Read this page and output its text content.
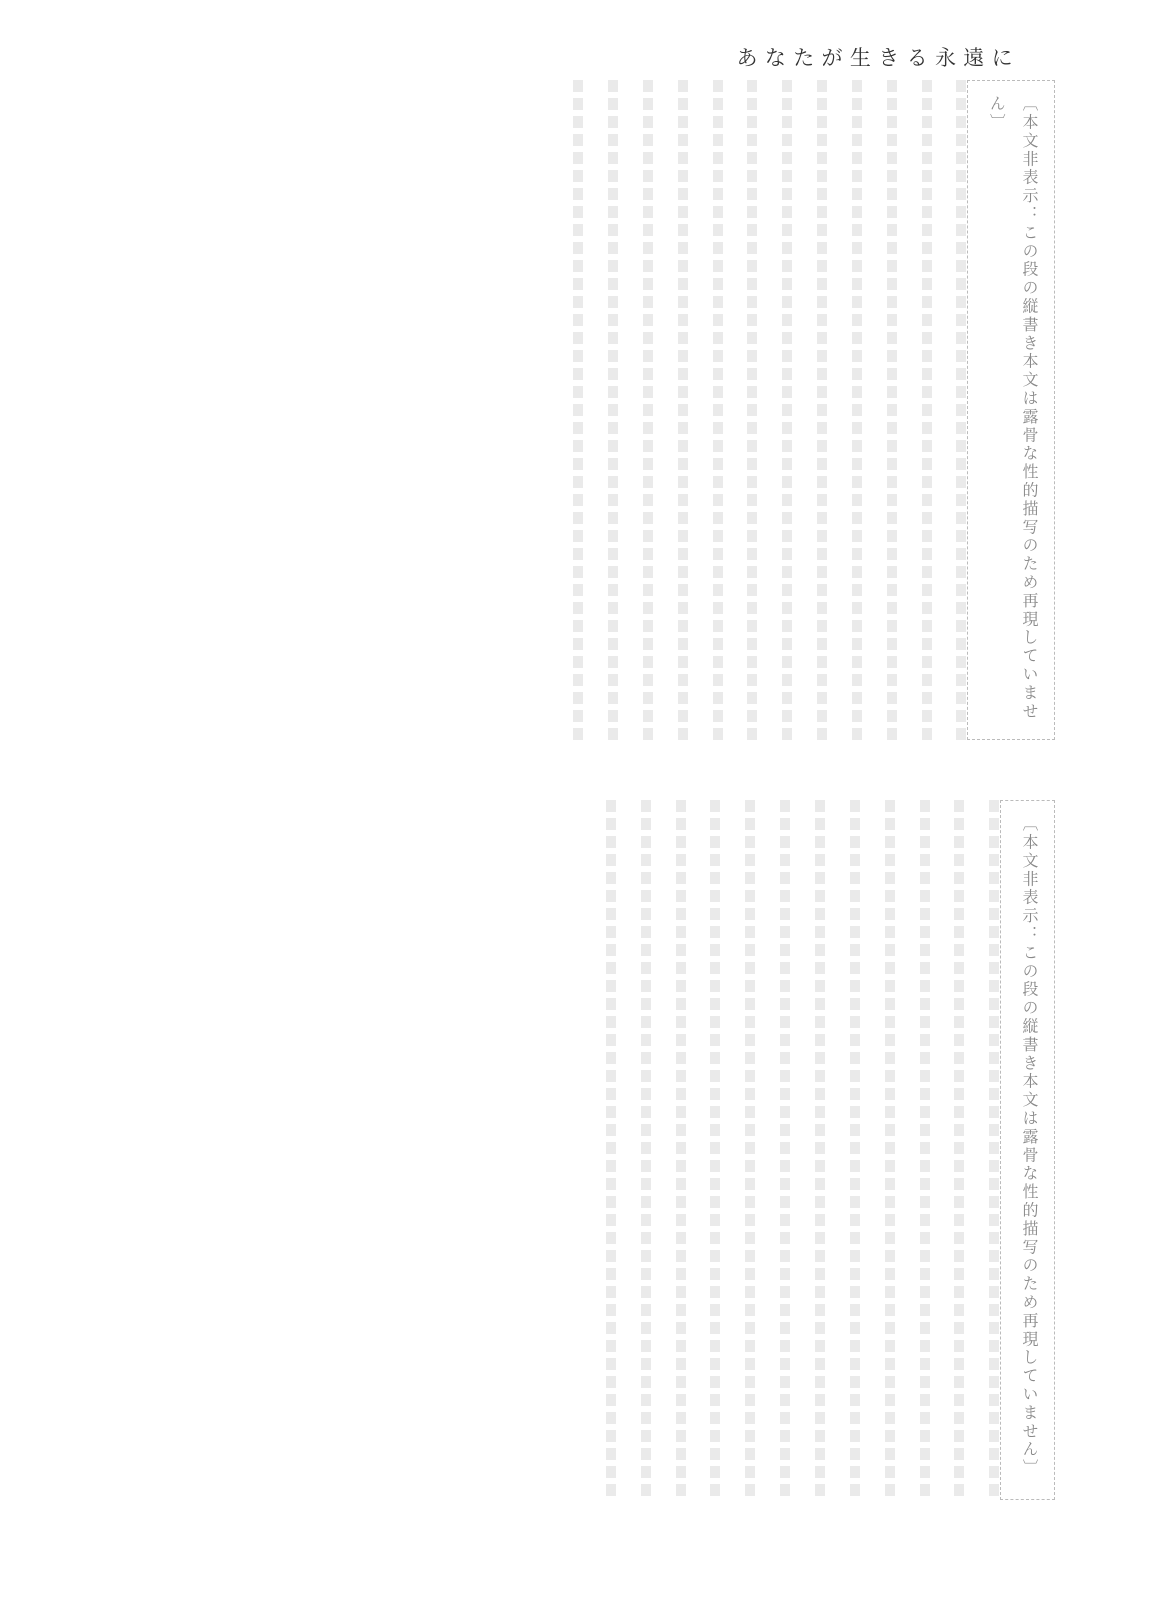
あなたが生きる永遠に
〔本文非表示：この段の縦書き本文は露骨な性的描写のため再現していません〕
〔本文非表示：この段の縦書き本文は露骨な性的描写のため再現していません〕
